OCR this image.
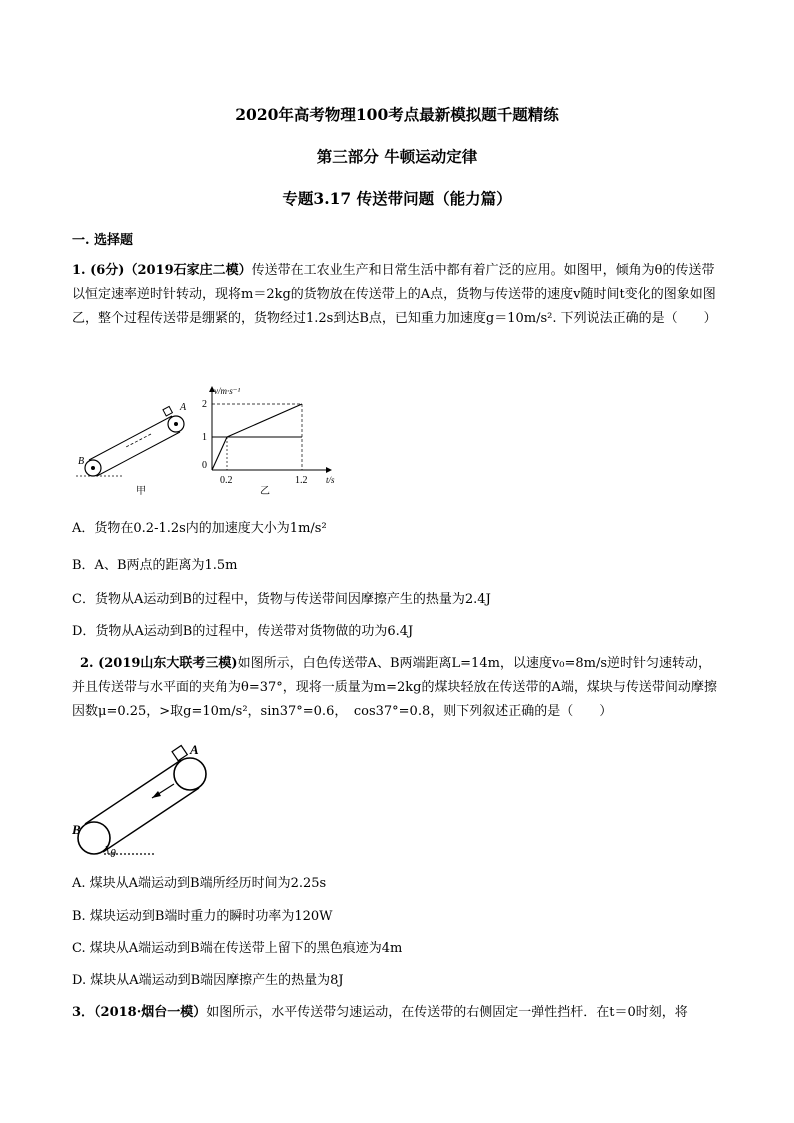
2020年高考物理100考点最新模拟题千题精练
第三部分 牛顿运动定律
专题3.17 传送带问题（能力篇）
一. 选择题
1. (6分)（2019石家庄二模）传送带在工农业生产和日常生活中都有着广泛的应用。如图甲，倾角为θ的传送带以恒定速率逆时针转动，现将m＝2kg的货物放在传送带上的A点，货物与传送带的速度v随时间t变化的图象如图乙，整个过程传送带是绷紧的，货物经过1.2s到达B点，已知重力加速度g＝10m/s². 下列说法正确的是（　　）
A
B
甲
v/m·s⁻¹
2
1
0
0.2	1.2 t/s
乙
A．货物在0.2-1.2s内的加速度大小为1m/s²
B．A、B两点的距离为1.5m
C．货物从A运动到B的过程中，货物与传送带间因摩擦产生的热量为2.4J
D．货物从A运动到B的过程中，传送带对货物做的功为6.4J
2. (2019山东大联考三模)如图所示，白色传送带A、B两端距离L=14m，以速度v₀=8m/s逆时针匀速转动，并且传送带与水平面的夹角为θ=37°，现将一质量为m=2kg的煤块轻放在传送带的A端，煤块与传送带间动摩擦因数μ=0.25，>取g=10m/s²，sin37°=0.6，　cos37°=0.8，则下列叙述正确的是（　　）
A
B
θ
A. 煤块从A端运动到B端所经历时间为2.25s
B. 煤块运动到B端时重力的瞬时功率为120W
C. 煤块从A端运动到B端在传送带上留下的黑色痕迹为4m
D. 煤块从A端运动到B端因摩擦产生的热量为8J
3．（2018·烟台一模）如图所示，水平传送带匀速运动，在传送带的右侧固定一弹性挡杆．在t＝0时刻，将
